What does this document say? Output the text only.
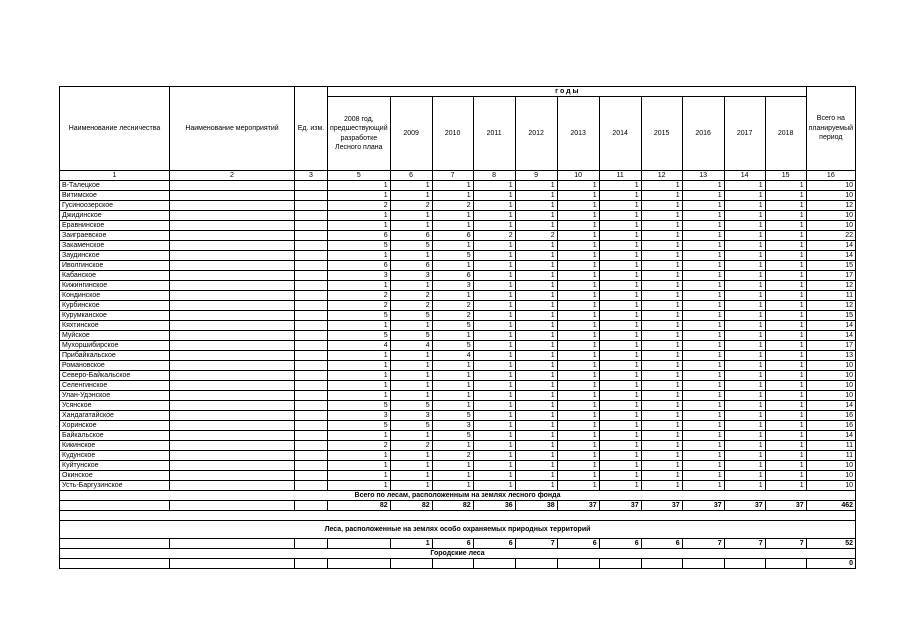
Наименование лесничества	Наименование мероприятий	Ед. изм.	г о д ы											Всего на планируемый период
			2008 год, предшествующий разработке Лесного плана	2009	2010	2011	2012	2013	2014	2015	2016	2017	2018	
1	2	3	5	6	7	8	9	10	11	12	13	14	15	16
В-Талецкое			1	1	1	1	1	1	1	1	1	1	1	10
Витимское			1	1	1	1	1	1	1	1	1	1	1	10
Гусиноозерское			2	2	2	1	1	1	1	1	1	1	1	12
Джидинское			1	1	1	1	1	1	1	1	1	1	1	10
Еравнинское			1	1	1	1	1	1	1	1	1	1	1	10
Заиграевское			6	6	6	2	2	1	1	1	1	1	1	22
Закаменское			5	5	1	1	1	1	1	1	1	1	1	14
Заудинское			1	1	5	1	1	1	1	1	1	1	1	14
Иволгинское			6	6	1	1	1	1	1	1	1	1	1	15
Кабанское			3	3	6	1	1	1	1	1	1	1	1	17
Кижингинское			1	1	3	1	1	1	1	1	1	1	1	12
Кондинское			2	2	1	1	1	1	1	1	1	1	1	11
Курбинское			2	2	2	1	1	1	1	1	1	1	1	12
Курумканское			5	5	2	1	1	1	1	1	1	1	1	15
Кяхтинское			1	1	5	1	1	1	1	1	1	1	1	14
Муйское			5	5	1	1	1	1	1	1	1	1	1	14
Мухоршибирское			4	4	5	1	1	1	1	1	1	1	1	17
Прибайкальское			1	1	4	1	1	1	1	1	1	1	1	13
Романовское			1	1	1	1	1	1	1	1	1	1	1	10
Северо-Байкальское			1	1	1	1	1	1	1	1	1	1	1	10
Селенгинское			1	1	1	1	1	1	1	1	1	1	1	10
Улан-Удэнское			1	1	1	1	1	1	1	1	1	1	1	10
Усянское			5	5	1	1	1	1	1	1	1	1	1	14
Хандагатайское			3	3	5	1	1	1	1	1	1	1	1	16
Хоринское			5	5	3	1	1	1	1	1	1	1	1	16
Байкальское			1	1	5	1	1	1	1	1	1	1	1	14
Кикинское			2	2	1	1	1	1	1	1	1	1	1	11
Кудунское			1	1	2	1	1	1	1	1	1	1	1	11
Куйтунское			1	1	1	1	1	1	1	1	1	1	1	10
Окинское			1	1	1	1	1	1	1	1	1	1	1	10
Усть-Баргузинское			1	1	1	1	1	1	1	1	1	1	1	10
Всего по лесам, расположенным на землях лесного фонда														
			82	82	82	36	38	37	37	37	37	37	37	462

Леса, расположенные на землях особо охраняемых природных территорий														
				1	6	6	7	6	6	6	7	7	7	52
Городские леса														
														0
